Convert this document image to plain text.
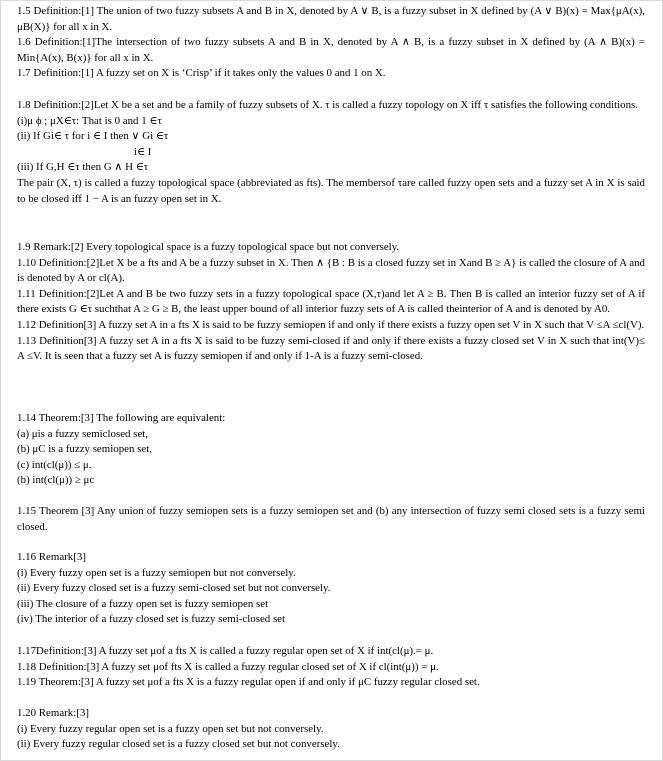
1.5 Definition:[1] The union of two fuzzy subsets A and B in X, denoted by A ∨ B, is a fuzzy subset in X defined by (A ∨ B)(x) = Max{μA(x), μB(X)} for all x in X.

1.6 Definition:[1]The intersection of two fuzzy subsets A and B in X, denoted by A ∧ B, is a fuzzy subset in X defined by (A ∧ B)(x) = Min{A(x), B(x)} for all x in X.

1.7 Definition:[1] A fuzzy set on X is ‘Crisp’ if it takes only the values 0 and 1 on X.

1.8 Definition:[2]Let X be a set and be a family of fuzzy subsets of X. τ is called a fuzzy topology on X iff τ satisfies the following conditions.

(i)μ ϕ ; μX∈τ: That is 0 and 1 ∈τ

(ii) If Gi∈ τ for i ∈ I then ∨ Gi ∈τ

i∈ I

(iii) If G,H ∈τ then G ∧ H ∈τ

The pair (X, τ) is called a fuzzy topological space (abbreviated as fts). The membersof τare called fuzzy open sets and a fuzzy set A in X is said to be closed iff 1 − A is an fuzzy open set in X.

1.9 Remark:[2] Every topological space is a fuzzy topological space but not conversely.

1.10 Definition:[2]Let X be a fts and A be a fuzzy subset in X. Then ∧ {B : B is a closed fuzzy set in Xand B ≥ A} is called the closure of A and is denoted by A or cl(A).

1.11 Definition:[2]Let A and B be two fuzzy sets in a fuzzy topological space (X,τ)and let A ≥ B. Then B is called an interior fuzzy set of A if there exists G ∈τ suchthat A ≥ G ≥ B, the least upper bound of all interior fuzzy sets of A is called theinterior of A and is denoted by A0.

1.12 Definition[3] A fuzzy set A in a fts X is said to be fuzzy semiopen if and only if there exists a fuzzy open set V in X such that V ≤A ≤cl(V).

1.13 Definition[3] A fuzzy set A in a fts X is said to be fuzzy semi-closed if and only if there exists a fuzzy closed set V in X such that int(V)≤ A ≤V. It is seen that a fuzzy set A is fuzzy semiopen if and only if 1-A is a fuzzy semi-closed.

1.14 Theorem:[3] The following are equivalent:

(a) μis a fuzzy semiclosed set,

(b) μC is a fuzzy semiopen set,

(c) int(cl(μ)) ≤ μ.

(b) int(cl(μ)) ≥ μc

1.15 Theorem [3] Any union of fuzzy semiopen sets is a fuzzy semiopen set and (b) any intersection of fuzzy semi closed sets is a fuzzy semi closed.

1.16 Remark[3]

(i) Every fuzzy open set is a fuzzy semiopen but not conversely.

(ii) Every fuzzy closed set is a fuzzy semi-closed set but not conversely.

(iii) The closure of a fuzzy open set is fuzzy semiopen set

(iv) The interior of a fuzzy closed set is fuzzy semi-closed set

1.17Definition:[3] A fuzzy set μof a fts X is called a fuzzy regular open set of X if int(cl(μ).= μ.

1.18 Definition:[3] A fuzzy set μof fts X is called a fuzzy regular closed set of X if cl(int(μ)) = μ.

1.19 Theorem:[3] A fuzzy set μof a fts X is a fuzzy regular open if and only if μC fuzzy regular closed set.

1.20 Remark:[3]

(i) Every fuzzy regular open set is a fuzzy open set but not conversely.

(ii) Every fuzzy regular closed set is a fuzzy closed set but not conversely.
